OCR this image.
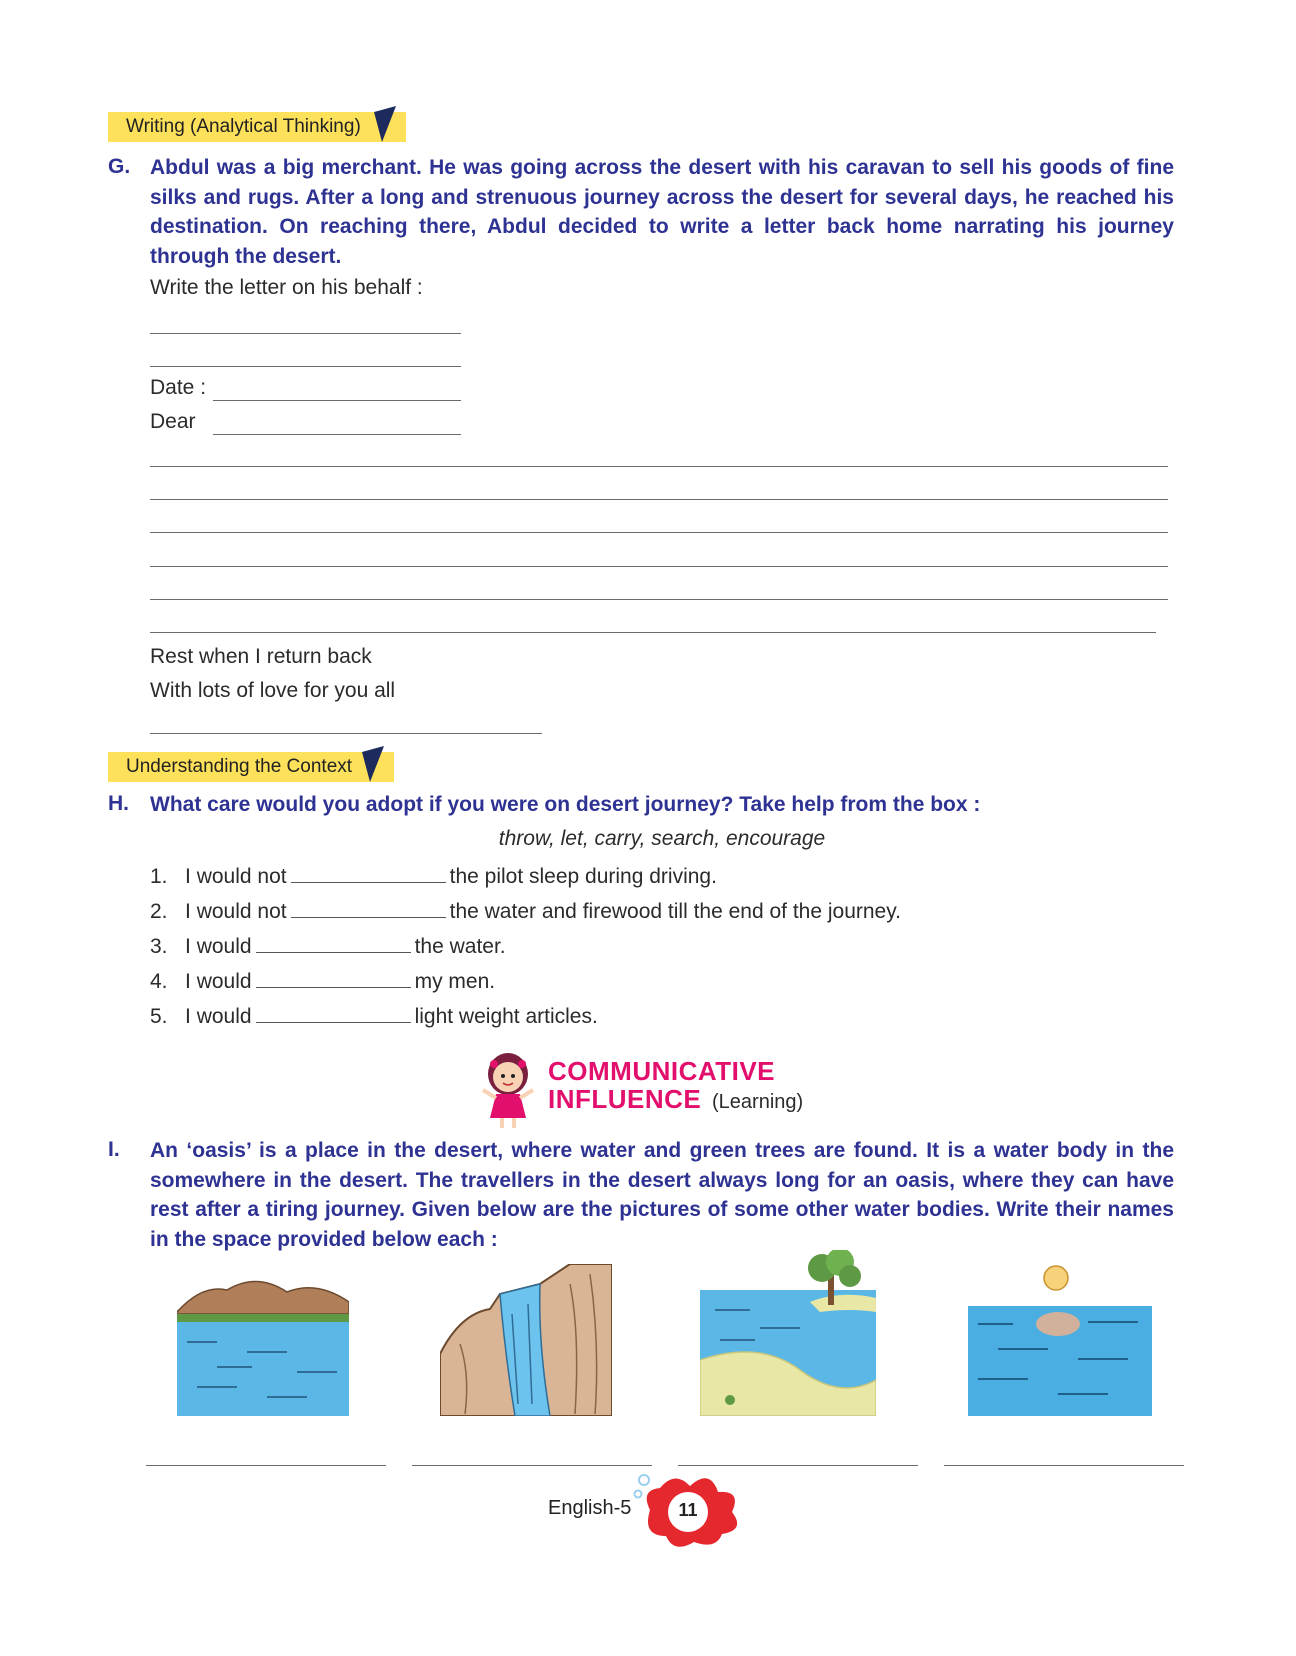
Writing (Analytical Thinking)
G. Abdul was a big merchant. He was going across the desert with his caravan to sell his goods of fine silks and rugs. After a long and strenuous journey across the desert for several days, he reached his destination. On reaching there, Abdul decided to write a letter back home narrating his journey through the desert.
Write the letter on his behalf :
Date :
Dear
Rest when I return back
With lots of love for you all
Understanding the Context
H. What care would you adopt if you were on desert journey? Take help from the box :
throw, let, carry, search, encourage
1. I would not	the pilot sleep during driving.
2. I would not	the water and firewood till the end of the journey.
3. I would	the water.
4. I would	my men.
5. I would	light weight articles.
COMMUNICATIVE
INFLUENCE (Learning)
I. An ‘oasis’ is a place in the desert, where water and green trees are found. It is a water body in the somewhere in the desert. The travellers in the desert always long for an oasis, where they can have rest after a tiring journey. Given below are the pictures of some other water bodies. Write their names in the space provided below each :
English-5	11
